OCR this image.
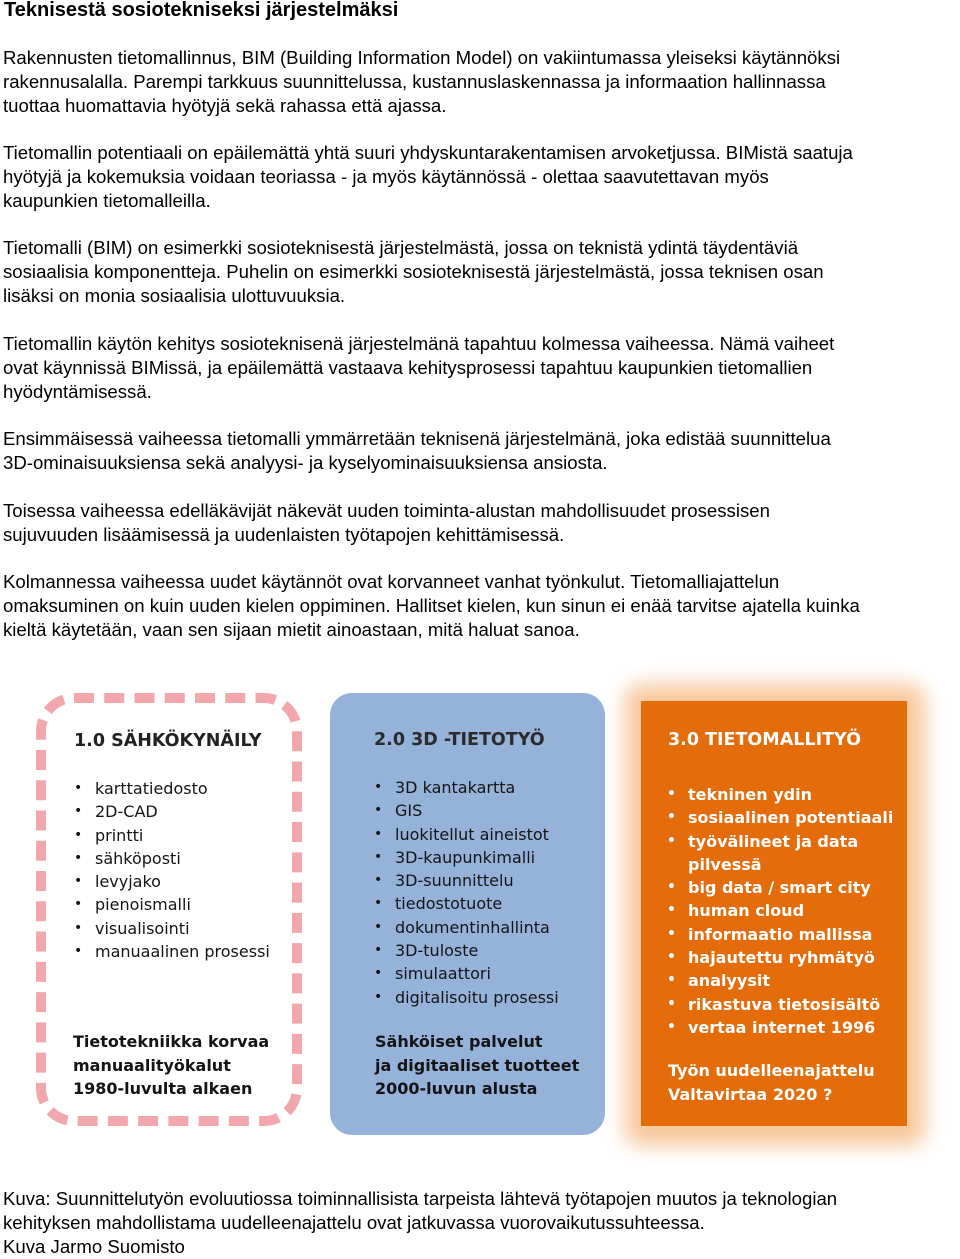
Teknisestä sosiotekniseksi järjestelmäksi
Rakennusten tietomallinnus, BIM (Building Information Model) on vakiintumassa yleiseksi käytännöksi
rakennusalalla. Parempi tarkkuus suunnittelussa, kustannuslaskennassa ja informaation hallinnassa
tuottaa huomattavia hyötyjä sekä rahassa että ajassa.
Tietomallin potentiaali on epäilemättä yhtä suuri yhdyskuntarakentamisen arvoketjussa. BIMistä saatuja
hyötyjä ja kokemuksia voidaan teoriassa - ja myös käytännössä - olettaa saavutettavan myös
kaupunkien tietomalleilla.
Tietomalli (BIM) on esimerkki sosioteknisestä järjestelmästä, jossa on teknistä ydintä täydentäviä
sosiaalisia komponentteja. Puhelin on esimerkki sosioteknisestä järjestelmästä, jossa teknisen osan
lisäksi on monia sosiaalisia ulottuvuuksia.
Tietomallin käytön kehitys sosioteknisenä järjestelmänä tapahtuu kolmessa vaiheessa. Nämä vaiheet
ovat käynnissä BIMissä, ja epäilemättä vastaava kehitysprosessi tapahtuu kaupunkien tietomallien
hyödyntämisessä.
Ensimmäisessä vaiheessa tietomalli ymmärretään teknisenä järjestelmänä, joka edistää suunnittelua
3D-ominaisuuksiensa sekä analyysi- ja kyselyominaisuuksiensa ansiosta.
Toisessa vaiheessa edelläkävijät näkevät uuden toiminta-alustan mahdollisuudet prosessisen
sujuvuuden lisäämisessä ja uudenlaisten työtapojen kehittämisessä.
Kolmannessa vaiheessa uudet käytännöt ovat korvanneet vanhat työnkulut. Tietomalliajattelun
omaksuminen on kuin uuden kielen oppiminen. Hallitset kielen, kun sinun ei enää tarvitse ajatella kuinka
kieltä käytetään, vaan sen sijaan mietit ainoastaan, mitä haluat sanoa.
1.0 SÄHKÖKYNÄILY
• karttatiedosto
• 2D-CAD
• printti
• sähköposti
• levyjako
• pienoismalli
• visualisointi
• manuaalinen prosessi
Tietotekniikka korvaa
manuaalityökalut
1980-luvulta alkaen
2.0 3D -TIETOTYÖ
• 3D kantakartta
• GIS
• luokitellut aineistot
• 3D-kaupunkimalli
• 3D-suunnittelu
• tiedostotuote
• dokumentinhallinta
• 3D-tuloste
• simulaattori
• digitalisoitu prosessi
Sähköiset palvelut
ja digitaaliset tuotteet
2000-luvun alusta
3.0 TIETOMALLITYÖ
• tekninen ydin
• sosiaalinen potentiaali
• työvälineet ja data
pilvessä
• big data / smart city
• human cloud
• informaatio mallissa
• hajautettu ryhmätyö
• analyysit
• rikastuva tietosisältö
• vertaa internet 1996
Työn uudelleenajattelu
Valtavirtaa 2020 ?
Kuva: Suunnittelutyön evoluutiossa toiminnallisista tarpeista lähtevä työtapojen muutos ja teknologian
kehityksen mahdollistama uudelleenajattelu ovat jatkuvassa vuorovaikutussuhteessa.
Kuva Jarmo Suomisto
